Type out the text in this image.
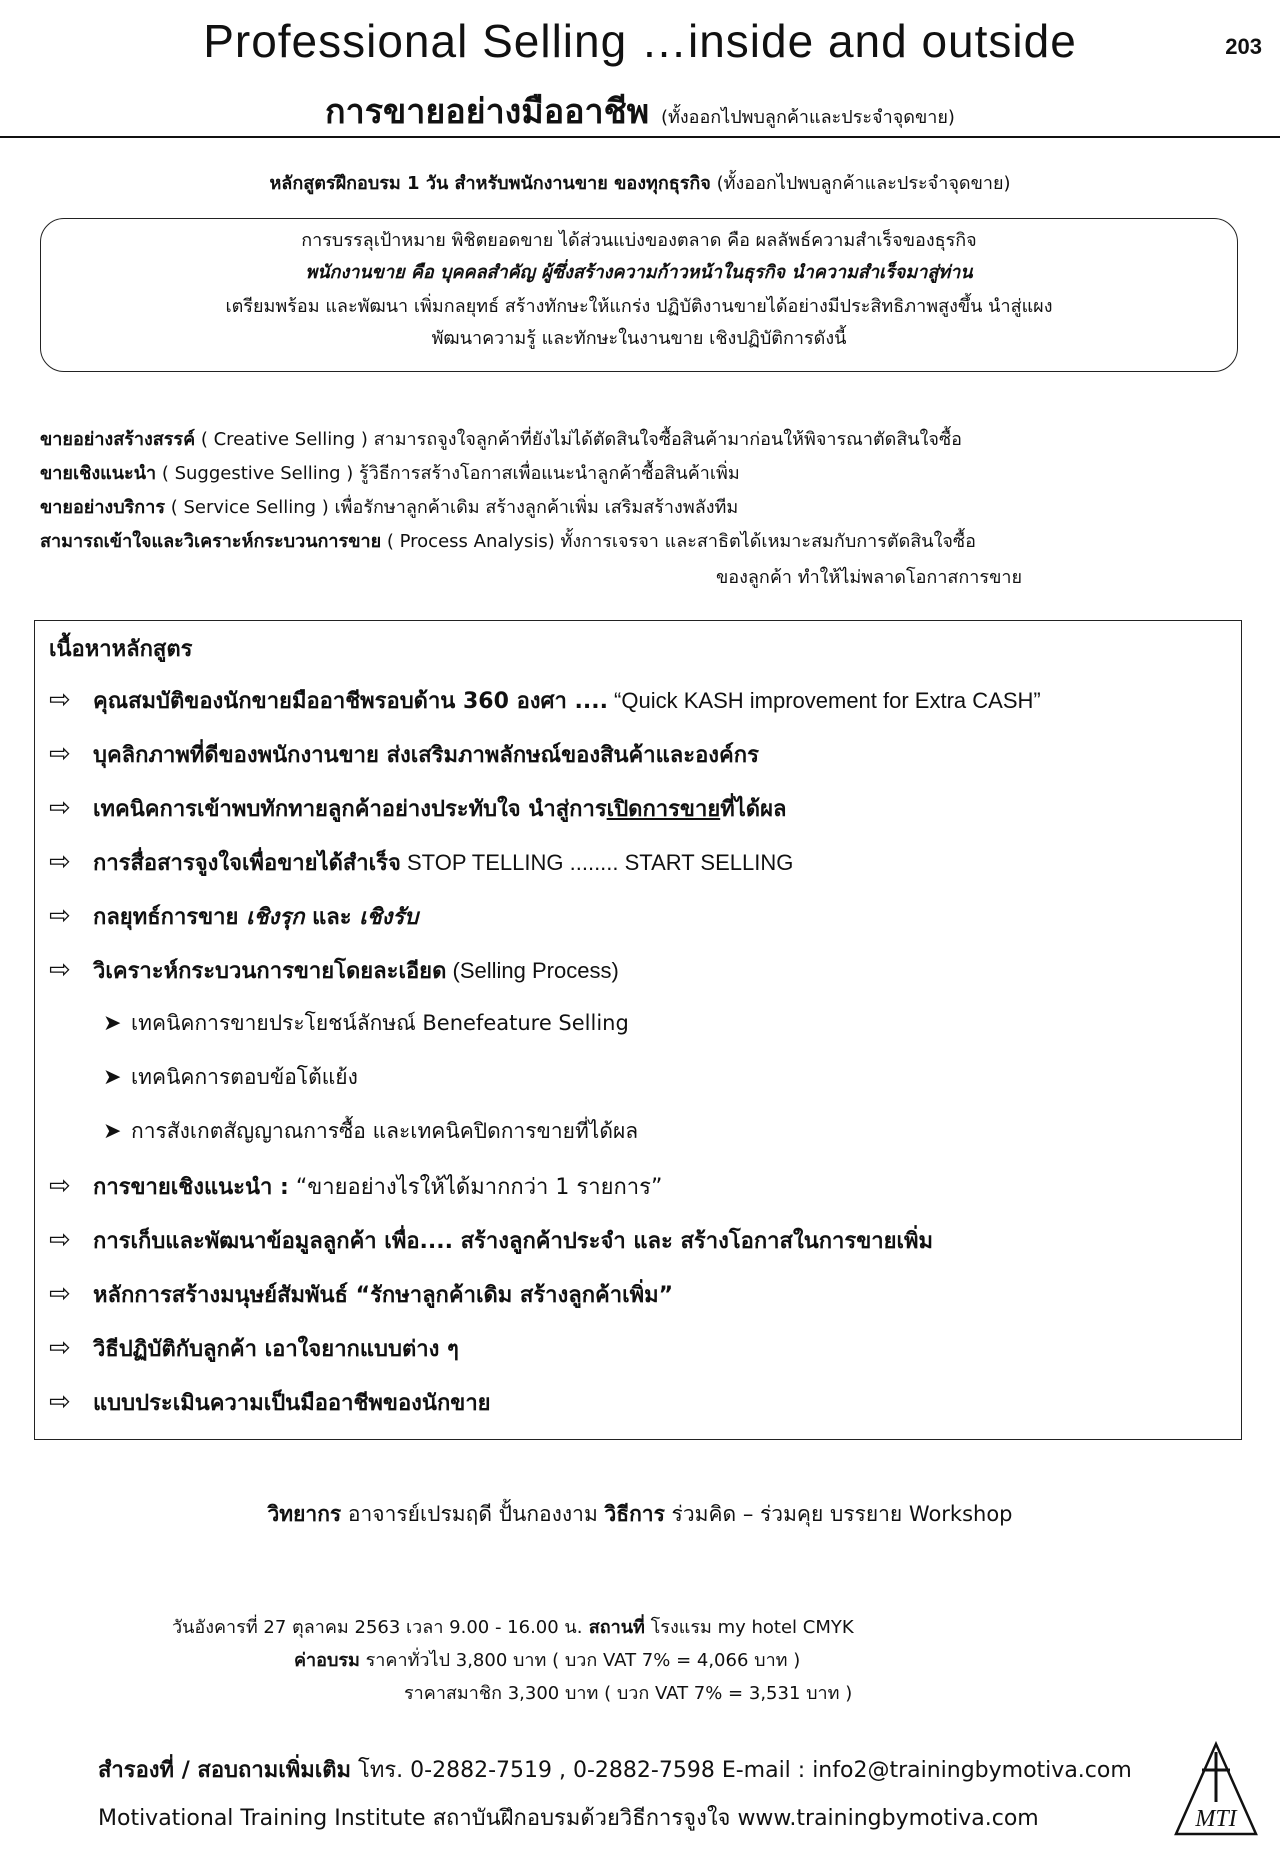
Professional Selling …inside and outside	203
การขายอย่างมืออาชีพ (ทั้งออกไปพบลูกค้าและประจำจุดขาย)
หลักสูตรฝึกอบรม 1 วัน สำหรับพนักงานขาย ของทุกธุรกิจ (ทั้งออกไปพบลูกค้าและประจำจุดขาย)
การบรรลุเป้าหมาย พิชิตยอดขาย ได้ส่วนแบ่งของตลาด คือ ผลลัพธ์ความสำเร็จของธุรกิจ
พนักงานขาย คือ บุคคลสำคัญ ผู้ซึ่งสร้างความก้าวหน้าในธุรกิจ นำความสำเร็จมาสู่ท่าน
เตรียมพร้อม และพัฒนา เพิ่มกลยุทธ์ สร้างทักษะให้แกร่ง ปฏิบัติงานขายได้อย่างมีประสิทธิภาพสูงขึ้น นำสู่แผง
พัฒนาความรู้ และทักษะในงานขาย เชิงปฏิบัติการดังนี้
ขายอย่างสร้างสรรค์ ( Creative Selling ) สามารถจูงใจลูกค้าที่ยังไม่ได้ตัดสินใจซื้อสินค้ามาก่อนให้พิจารณาตัดสินใจซื้อ
ขายเชิงแนะนำ ( Suggestive Selling ) รู้วิธีการสร้างโอกาสเพื่อแนะนำลูกค้าซื้อสินค้าเพิ่ม
ขายอย่างบริการ ( Service Selling ) เพื่อรักษาลูกค้าเดิม สร้างลูกค้าเพิ่ม เสริมสร้างพลังทีม
สามารถเข้าใจและวิเคราะห์กระบวนการขาย ( Process Analysis) ทั้งการเจรจา และสาธิตได้เหมาะสมกับการตัดสินใจซื้อ
ของลูกค้า ทำให้ไม่พลาดโอกาสการขาย
เนื้อหาหลักสูตร
⇨ คุณสมบัติของนักขายมืออาชีพรอบด้าน 360 องศา .... “Quick KASH improvement for Extra CASH”
⇨ บุคลิกภาพที่ดีของพนักงานขาย ส่งเสริมภาพลักษณ์ของสินค้าและองค์กร
⇨ เทคนิคการเข้าพบทักทายลูกค้าอย่างประทับใจ นำสู่การเปิดการขายที่ได้ผล
⇨ การสื่อสารจูงใจเพื่อขายได้สำเร็จ STOP TELLING ........ START SELLING
⇨ กลยุทธ์การขาย เชิงรุก และ เชิงรับ
⇨ วิเคราะห์กระบวนการขายโดยละเอียด (Selling Process)
➤ เทคนิคการขายประโยชน์ลักษณ์ Benefeature Selling
➤ เทคนิคการตอบข้อโต้แย้ง
➤ การสังเกตสัญญาณการซื้อ และเทคนิคปิดการขายที่ได้ผล
⇨ การขายเชิงแนะนำ : “ขายอย่างไรให้ได้มากกว่า 1 รายการ”
⇨ การเก็บและพัฒนาข้อมูลลูกค้า เพื่อ.... สร้างลูกค้าประจำ และ สร้างโอกาสในการขายเพิ่ม
⇨ หลักการสร้างมนุษย์สัมพันธ์ “รักษาลูกค้าเดิม สร้างลูกค้าเพิ่ม”
⇨ วิธีปฏิบัติกับลูกค้า เอาใจยากแบบต่าง ๆ
⇨ แบบประเมินความเป็นมืออาชีพของนักขาย
วิทยากร อาจารย์เปรมฤดี ปั้นกองงาม วิธีการ ร่วมคิด – ร่วมคุย บรรยาย Workshop
วันอังคารที่ 27 ตุลาคม 2563 เวลา 9.00 - 16.00 น. สถานที่ โรงแรม my hotel CMYK
ค่าอบรม ราคาทั่วไป 3,800 บาท ( บวก VAT 7% = 4,066 บาท )
ราคาสมาชิก 3,300 บาท ( บวก VAT 7% = 3,531 บาท )
สำรองที่ / สอบถามเพิ่มเติม โทร. 0-2882-7519 , 0-2882-7598 E-mail : info2@trainingbymotiva.com
Motivational Training Institute สถาบันฝึกอบรมด้วยวิธีการจูงใจ www.trainingbymotiva.com	MTI
